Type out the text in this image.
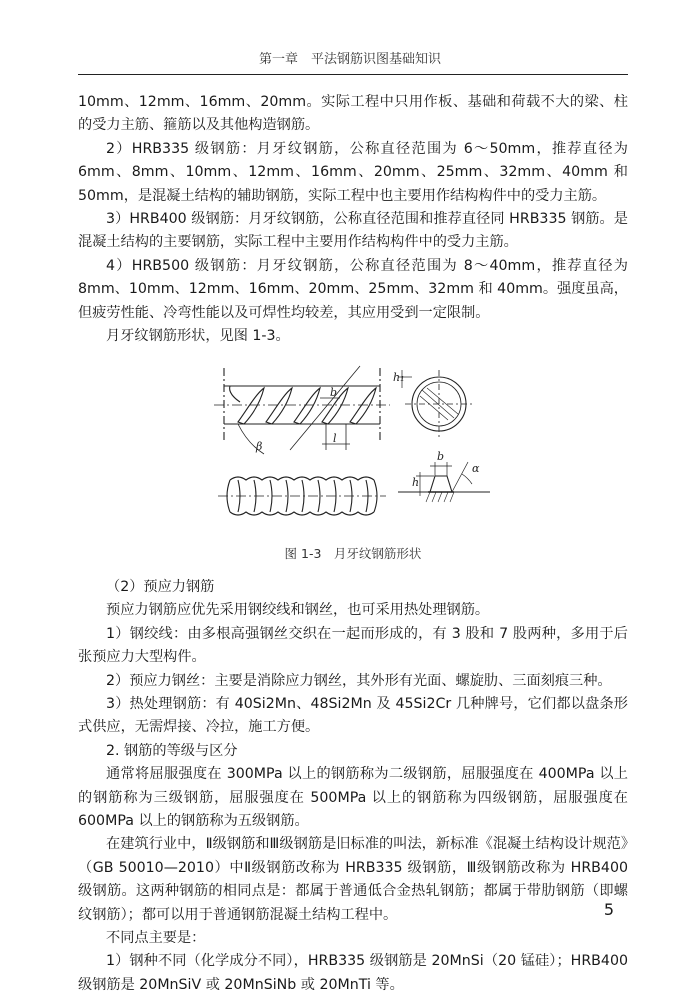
第一章　平法钢筋识图基础知识

10mm、12mm、16mm、20mm。实际工程中只用作板、基础和荷载不大的梁、柱的受力主筋、箍筋以及其他构造钢筋。

2）HRB335 级钢筋：月牙纹钢筋，公称直径范围为 6～50mm，推荐直径为 6mm、8mm、10mm、12mm、16mm、20mm、25mm、32mm、40mm 和 50mm，是混凝土结构的辅助钢筋，实际工程中也主要用作结构构件中的受力主筋。

3）HRB400 级钢筋：月牙纹钢筋，公称直径范围和推荐直径同 HRB335 钢筋。是混凝土结构的主要钢筋，实际工程中主要用作结构构件中的受力主筋。

4）HRB500 级钢筋：月牙纹钢筋，公称直径范围为 8～40mm，推荐直径为 8mm、10mm、12mm、16mm、20mm、25mm、32mm 和 40mm。强度虽高，但疲劳性能、冷弯性能以及可焊性均较差，其应用受到一定限制。

月牙纹钢筋形状，见图 1-3。

β
b
l
h₁
h
b
α
图 1-3　月牙纹钢筋形状

（2）预应力钢筋

预应力钢筋应优先采用钢绞线和钢丝，也可采用热处理钢筋。

1）钢绞线：由多根高强钢丝交织在一起而形成的，有 3 股和 7 股两种，多用于后张预应力大型构件。

2）预应力钢丝：主要是消除应力钢丝，其外形有光面、螺旋肋、三面刻痕三种。

3）热处理钢筋：有 40Si2Mn、48Si2Mn 及 45Si2Cr 几种牌号，它们都以盘条形式供应，无需焊接、冷拉，施工方便。

2. 钢筋的等级与区分

通常将屈服强度在 300MPa 以上的钢筋称为二级钢筋，屈服强度在 400MPa 以上的钢筋称为三级钢筋，屈服强度在 500MPa 以上的钢筋称为四级钢筋，屈服强度在 600MPa 以上的钢筋称为五级钢筋。

在建筑行业中，Ⅱ级钢筋和Ⅲ级钢筋是旧标准的叫法，新标准《混凝土结构设计规范》（GB 50010—2010）中Ⅱ级钢筋改称为 HRB335 级钢筋，Ⅲ级钢筋改称为 HRB400 级钢筋。这两种钢筋的相同点是：都属于普通低合金热轧钢筋；都属于带肋钢筋（即螺纹钢筋）；都可以用于普通钢筋混凝土结构工程中。

不同点主要是：

1）钢种不同（化学成分不同），HRB335 级钢筋是 20MnSi（20 锰硅）；HRB400 级钢筋是 20MnSiV 或 20MnSiNb 或 20MnTi 等。

5
